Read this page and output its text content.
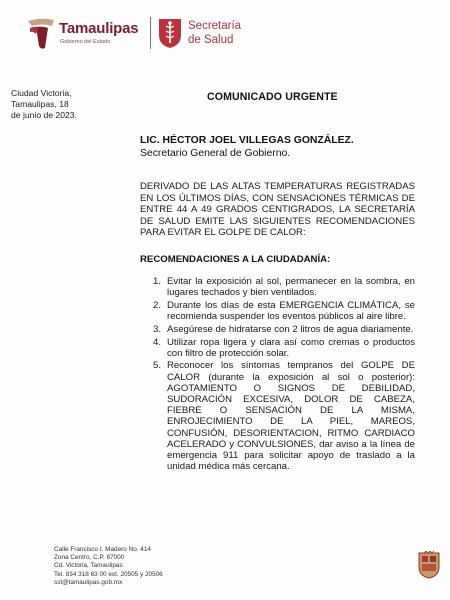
Tamaulipas
Gobierno del Estado
Secretaría
de Salud
Ciudad Victoria,
Tamaulipas, 18
de junio de 2023.
COMUNICADO URGENTE
LIC. HÉCTOR JOEL VILLEGAS GONZÁLEZ.
Secretario General de Gobierno.
DERIVADO DE LAS ALTAS TEMPERATURAS REGISTRADAS EN LOS ÚLTIMOS DÍAS, CON SENSACIONES TÉRMICAS DE ENTRE 44 A 49 GRADOS CENTIGRADOS, LA SECRETARÍA DE SALUD EMITE LAS SIGUIENTES RECOMENDACIONES PARA EVITAR EL GOLPE DE CALOR:
RECOMENDACIONES A LA CIUDADANÍA:
1. Evitar la exposición al sol, permanecer en la sombra, en lugares techados y bien ventilados.
2. Durante los días de esta EMERGENCIA CLIMÁTICA, se recomienda suspender los eventos públicos al aire libre.
3. Asegúrese de hidratarse con 2 litros de agua diariamente.
4. Utilizar ropa ligera y clara así como cremas o productos con filtro de protección solar.
5. Reconocer los síntomas tempranos del GOLPE DE CALOR (durante la exposición al sol o posterior): AGOTAMIENTO O SIGNOS DE DEBILIDAD, SUDORACIÓN EXCESIVA, DOLOR DE CABEZA, FIEBRE O SENSACIÓN DE LA MISMA, ENROJECIMIENTO DE LA PIEL, MAREOS, CONFUSIÓN, DESORIENTACION, RITMO CARDIACO ACELERADO y CONVULSIONES, dar aviso a la línea de emergencia 911 para solicitar apoyo de traslado a la unidad médica más cercana.
Calle Francisco I. Madero No. 414
Zona Centro, C.P. 87000
Cd. Victoria, Tamaulipas
Tel. 834 318 63 00 ext. 20505 y 20506
sst@tamaulipas.gob.mx
